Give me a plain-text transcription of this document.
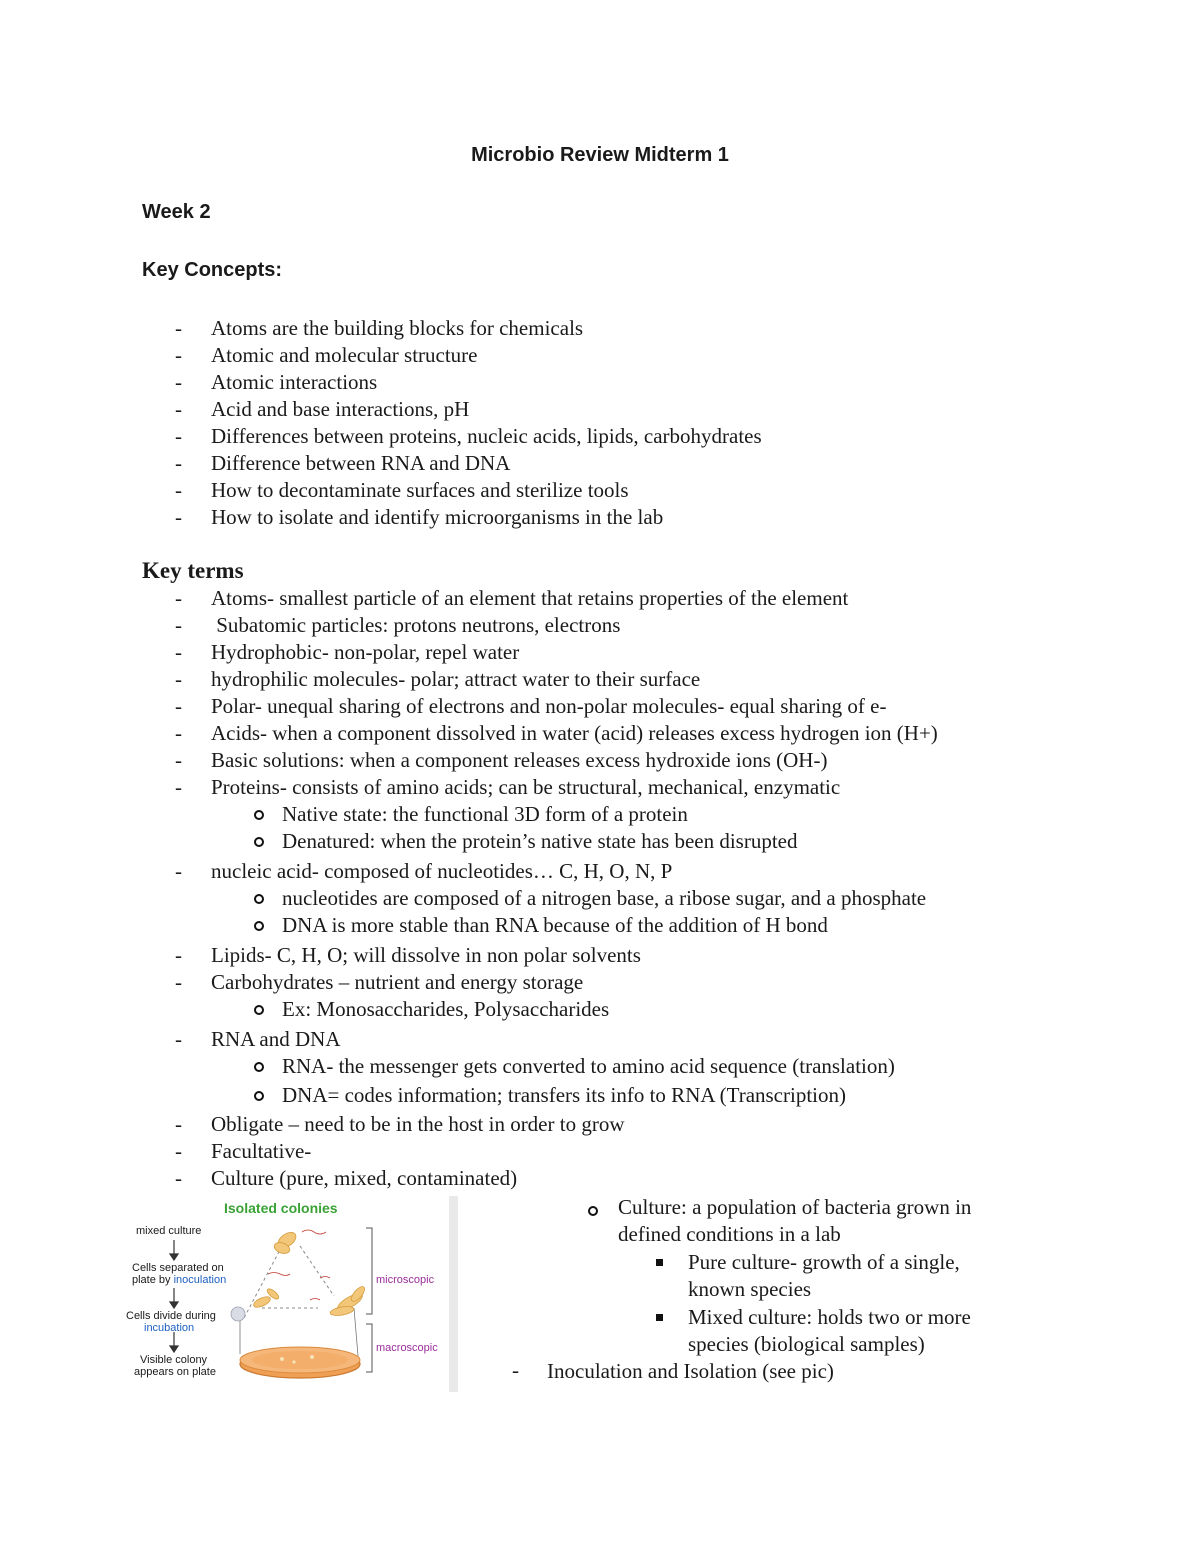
Microbio Review Midterm 1
Week 2
Key Concepts:
- Atoms are the building blocks for chemicals
- Atomic and molecular structure
- Atomic interactions
- Acid and base interactions, pH
- Differences between proteins, nucleic acids, lipids, carbohydrates
- Difference between RNA and DNA
- How to decontaminate surfaces and sterilize tools
- How to isolate and identify microorganisms in the lab
Key terms
- Atoms- smallest particle of an element that retains properties of the element
- Subatomic particles: protons neutrons, electrons
- Hydrophobic- non-polar, repel water
- hydrophilic molecules- polar; attract water to their surface
- Polar- unequal sharing of electrons and non-polar molecules- equal sharing of e-
- Acids- when a component dissolved in water (acid) releases excess hydrogen ion (H+)
- Basic solutions: when a component releases excess hydroxide ions (OH-)
- Proteins- consists of amino acids; can be structural, mechanical, enzymatic
Native state: the functional 3D form of a protein
Denatured: when the protein’s native state has been disrupted
- nucleic acid- composed of nucleotides… C, H, O, N, P
nucleotides are composed of a nitrogen base, a ribose sugar, and a phosphate
DNA is more stable than RNA because of the addition of H bond
- Lipids- C, H, O; will dissolve in non polar solvents
- Carbohydrates – nutrient and energy storage
Ex: Monosaccharides, Polysaccharides
- RNA and DNA
RNA- the messenger gets converted to amino acid sequence (translation)
DNA= codes information; transfers its info to RNA (Transcription)
- Obligate – need to be in the host in order to grow
- Facultative-
- Culture (pure, mixed, contaminated)
Isolated colonies
mixed culture
Cells separated on
plate by inoculation
Cells divide during
incubation
Visible colony
appears on plate
microscopic
macroscopic
Culture: a population of bacteria grown in
defined conditions in a lab
Pure culture- growth of a single,
known species
Mixed culture: holds two or more
species (biological samples)
- Inoculation and Isolation (see pic)
